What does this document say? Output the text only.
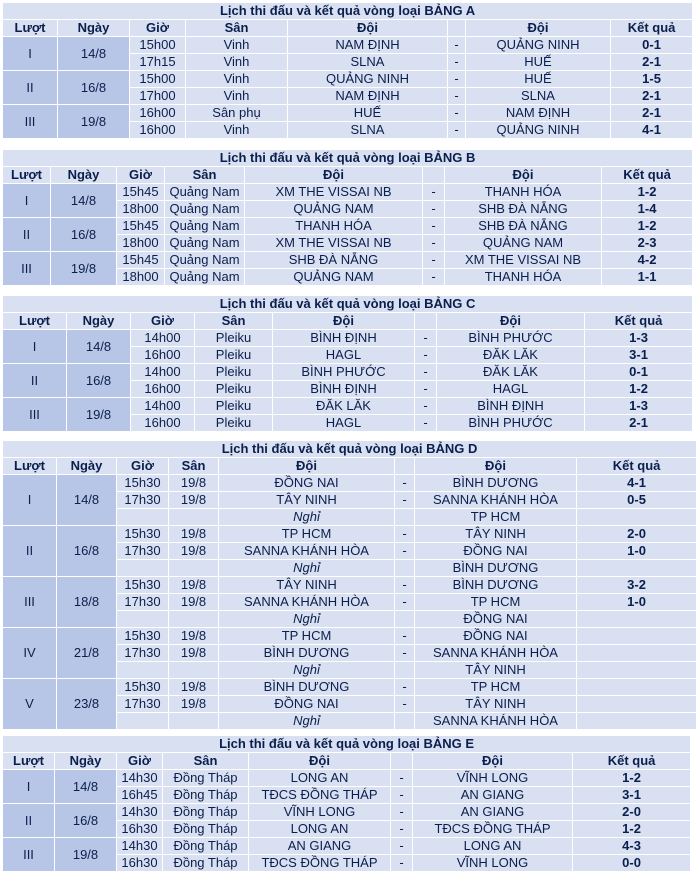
Lịch thi đấu và kết quả vòng loại BẢNG A							
Lượt	Ngày	Giờ	Sân	Đội		Đội	Kết quả
I	14/8	15h00	Vinh	NAM ĐỊNH	-	QUẢNG NINH	0-1
		17h15	Vinh	SLNA	-	HUẾ	2-1
II	16/8	15h00	Vinh	QUẢNG NINH	-	HUẾ	1-5
		17h00	Vinh	NAM ĐỊNH	-	SLNA	2-1
III	19/8	16h00	Sân phụ	HUẾ	-	NAM ĐỊNH	2-1
		16h00	Vinh	SLNA	-	QUẢNG NINH	4-1
Lịch thi đấu và kết quả vòng loại BẢNG B							
Lượt	Ngày	Giờ	Sân	Đội		Đội	Kết quả
I	14/8	15h45	Quảng Nam	XM THE VISSAI NB	-	THANH HÓA	1-2
		18h00	Quảng Nam	QUẢNG NAM	-	SHB ĐÀ NẴNG	1-4
II	16/8	15h45	Quảng Nam	THANH HÓA	-	SHB ĐÀ NẴNG	1-2
		18h00	Quảng Nam	XM THE VISSAI NB	-	QUẢNG NAM	2-3
III	19/8	15h45	Quảng Nam	SHB ĐÀ NẴNG	-	XM THE VISSAI NB	4-2
		18h00	Quảng Nam	QUẢNG NAM	-	THANH HÓA	1-1
Lịch thi đấu và kết quả vòng loại BẢNG C							
Lượt	Ngày	Giờ	Sân	Đội		Đội	Kết quả
I	14/8	14h00	Pleiku	BÌNH ĐỊNH	-	BÌNH PHƯỚC	1-3
		16h00	Pleiku	HAGL	-	ĐĂK LĂK	3-1
II	16/8	14h00	Pleiku	BÌNH PHƯỚC	-	ĐĂK LĂK	0-1
		16h00	Pleiku	BÌNH ĐỊNH	-	HAGL	1-2
III	19/8	14h00	Pleiku	ĐĂK LĂK	-	BÌNH ĐỊNH	1-3
		16h00	Pleiku	HAGL	-	BÌNH PHƯỚC	2-1
Lịch thi đấu và kết quả vòng loại BẢNG D							
Lượt	Ngày	Giờ	Sân	Đội		Đội	Kết quả
I	14/8	15h30	19/8	ĐỒNG NAI	-	BÌNH DƯƠNG	4-1
		17h30	19/8	TÂY NINH	-	SANNA KHÁNH HÒA	0-5
				Nghỉ		TP HCM	
II	16/8	15h30	19/8	TP HCM	-	TÂY NINH	2-0
		17h30	19/8	SANNA KHÁNH HÒA	-	ĐỒNG NAI	1-0
				Nghỉ		BÌNH DƯƠNG	
III	18/8	15h30	19/8	TÂY NINH	-	BÌNH DƯƠNG	3-2
		17h30	19/8	SANNA KHÁNH HÒA	-	TP HCM	1-0
				Nghỉ		ĐỒNG NAI	
IV	21/8	15h30	19/8	TP HCM	-	ĐỒNG NAI	
		17h30	19/8	BÌNH DƯƠNG	-	SANNA KHÁNH HÒA	
				Nghỉ		TÂY NINH	
V	23/8	15h30	19/8	BÌNH DƯƠNG	-	TP HCM	
		17h30	19/8	ĐỒNG NAI	-	TÂY NINH	
				Nghỉ		SANNA KHÁNH HÒA	
Lịch thi đấu và kết quả vòng loại BẢNG E							
Lượt	Ngày	Giờ	Sân	Đội		Đội	Kết quả
I	14/8	14h30	Đồng Tháp	LONG AN	-	VĨNH LONG	1-2
		16h45	Đồng Tháp	TĐCS ĐỒNG THÁP	-	AN GIANG	3-1
II	16/8	14h30	Đồng Tháp	VĨNH LONG	-	AN GIANG	2-0
		16h30	Đồng Tháp	LONG AN	-	TĐCS ĐỒNG THÁP	1-2
III	19/8	14h30	Đồng Tháp	AN GIANG	-	LONG AN	4-3
		16h30	Đồng Tháp	TĐCS ĐỒNG THÁP	-	VĨNH LONG	0-0
